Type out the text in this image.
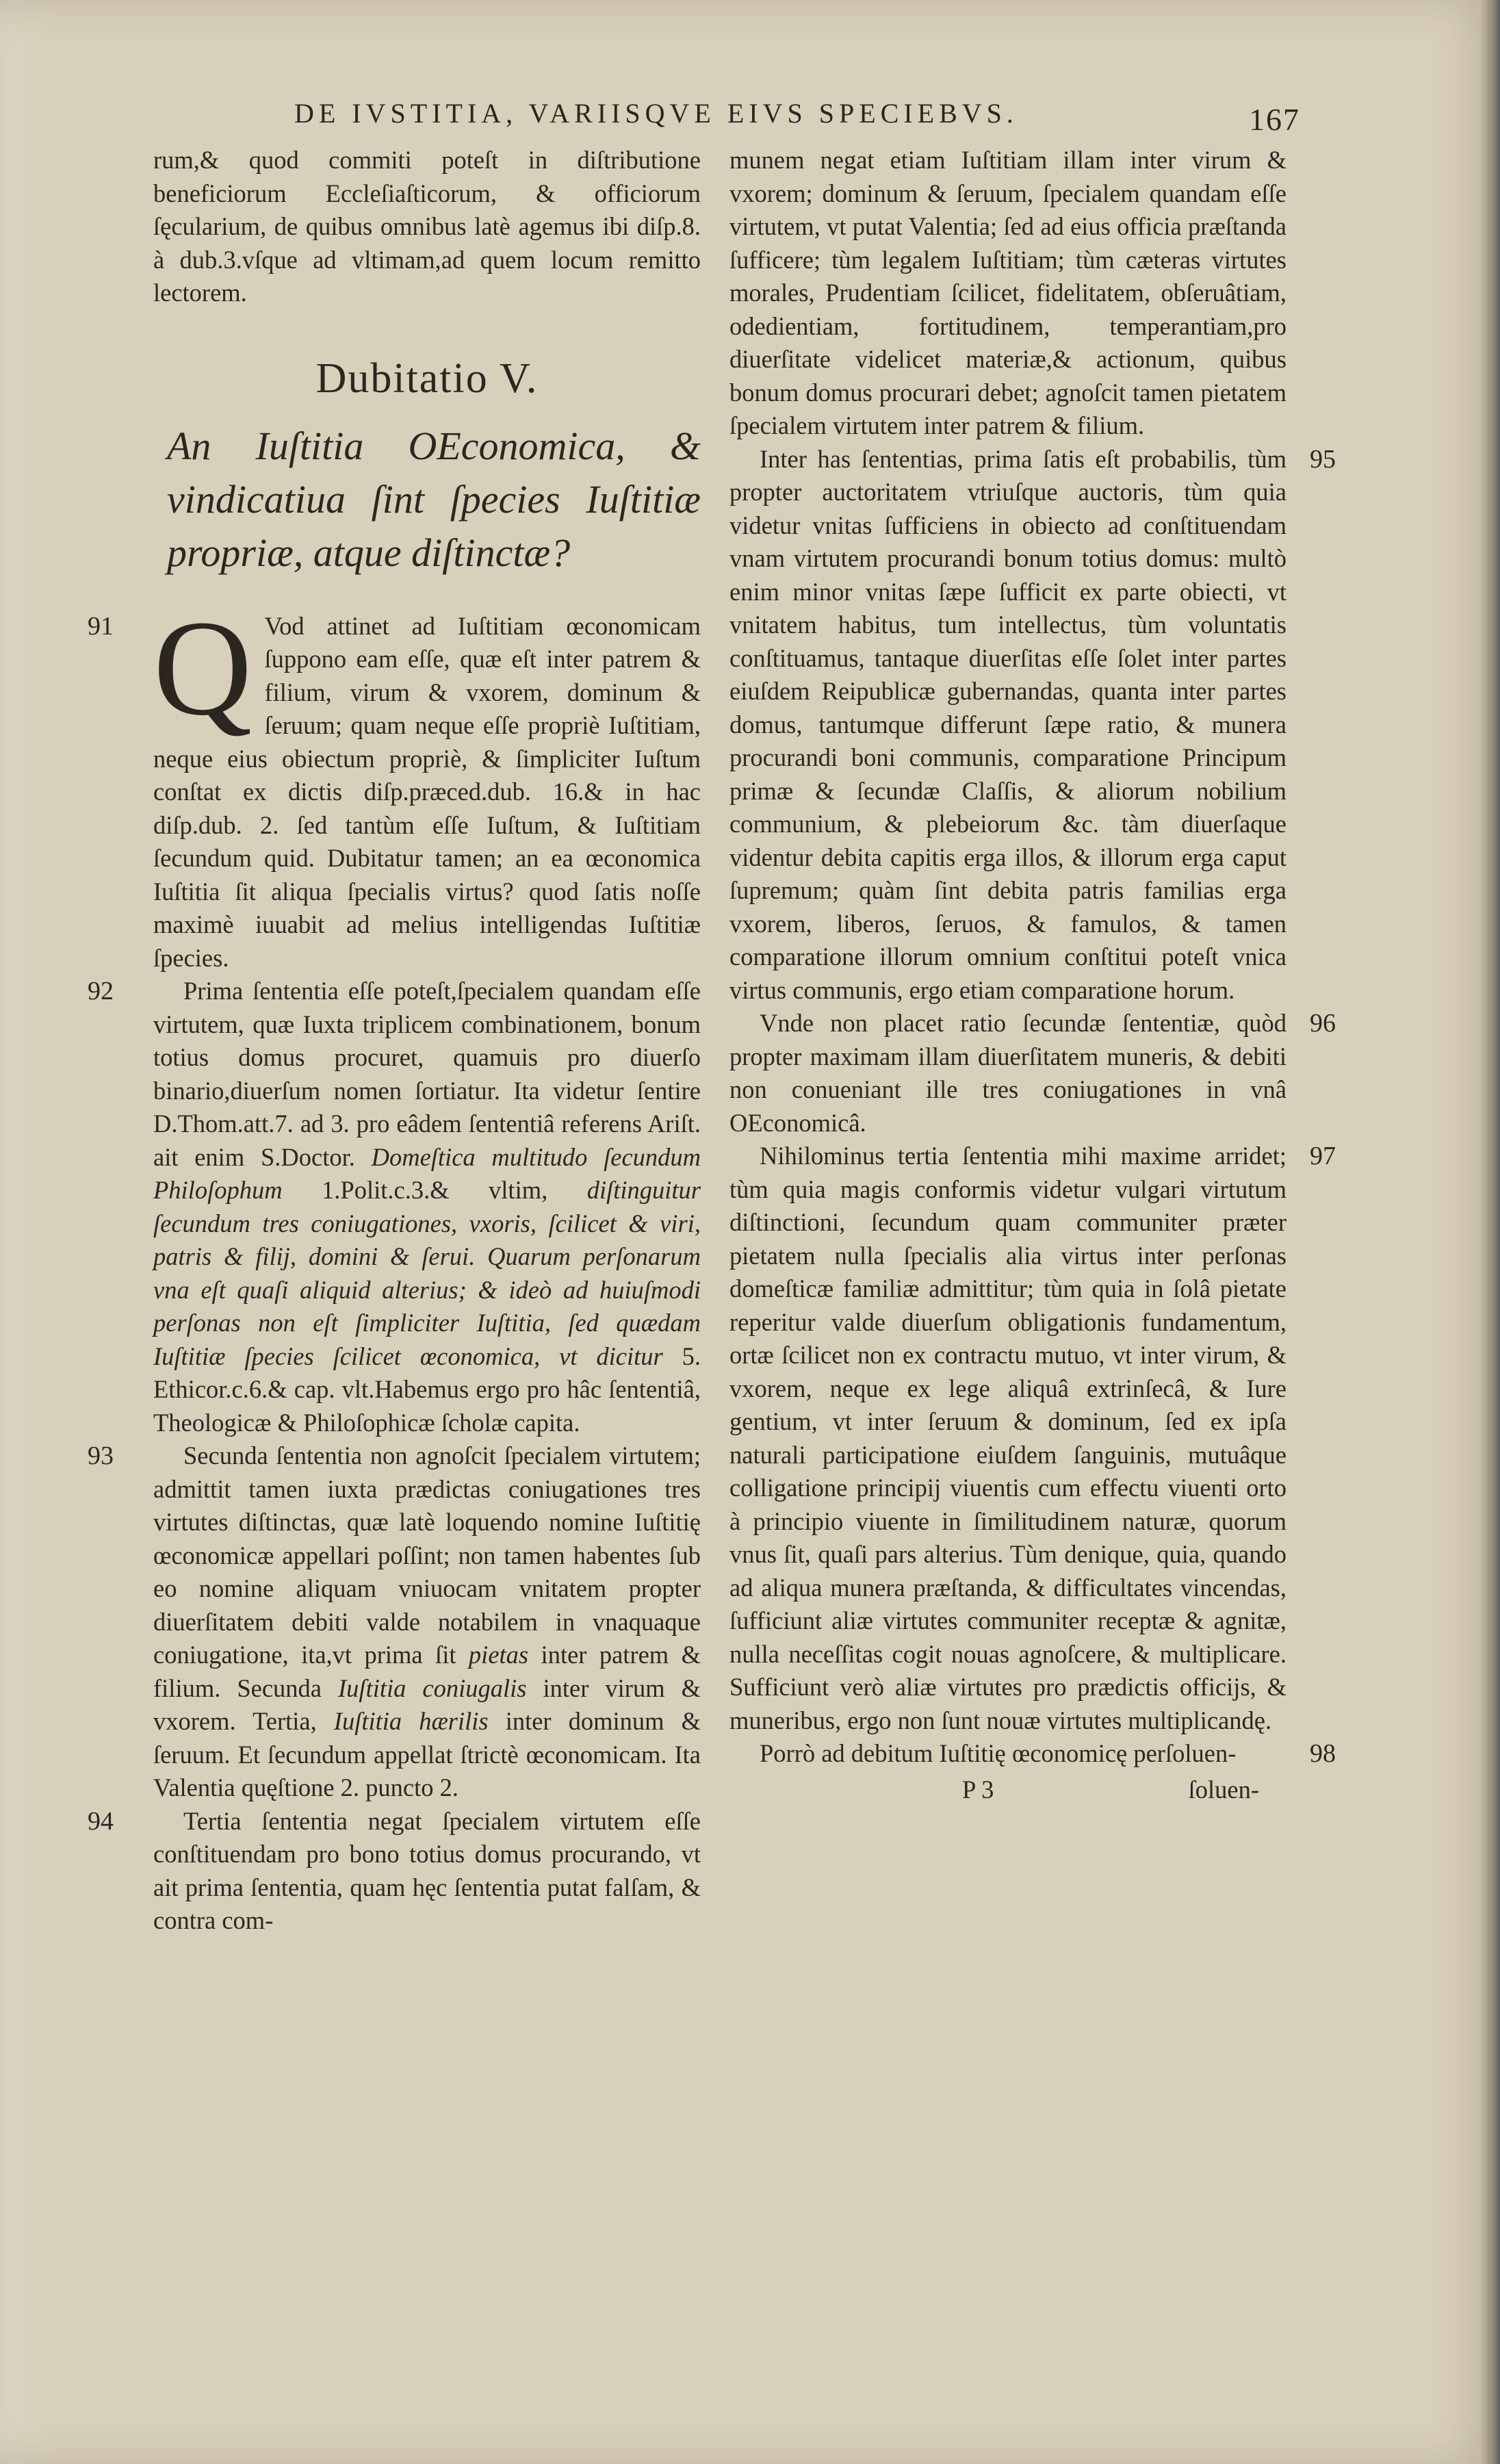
DE IVSTITIA, VARIISQVE EIVS SPECIEBVS.	167

rum,& quod commiti poteſt in diſtributione beneficiorum Eccleſiaſticorum, & officiorum ſęcularium, de quibus omnibus latè agemus ibi diſp.8. à dub.3.vſque ad vltimam,ad quem locum remitto lectorem.

Dubitatio V.
An Iuſtitia OEconomica, & vindicatiua ſint ſpecies Iuſtitiæ propriæ, atque diſtinctæ?
91 Q Vod attinet ad Iuſtitiam œconomicam ſuppono eam eſſe, quæ eſt inter patrem & filium, virum & vxorem, dominum & ſeruum; quam neque eſſe propriè Iuſtitiam, neque eius obiectum propriè, & ſimpliciter Iuſtum conſtat ex dictis diſp.præced.dub. 16.& in hac diſp.dub. 2. ſed tantùm eſſe Iuſtum, & Iuſtitiam ſecundum quid. Dubitatur tamen; an ea œconomica Iuſtitia ſit aliqua ſpecialis virtus? quod ſatis noſſe maximè iuuabit ad melius intelligendas Iuſtitiæ ſpecies.

92	Prima ſententia eſſe poteſt,ſpecialem quandam eſſe virtutem, quæ Iuxta triplicem combinationem, bonum totius domus procuret, quamuis pro diuerſo binario,diuerſum nomen ſortiatur. Ita videtur ſentire D.Thom.att.7. ad 3. pro eâdem ſententiâ referens Ariſt. ait enim S.Doctor. Domeſtica multitudo ſecundum Philoſophum 1.Polit.c.3.& vltim, diſtinguitur ſecundum tres coniugationes, vxoris, ſcilicet & viri, patris & filij, domini & ſerui. Quarum perſonarum vna eſt quaſi aliquid alterius; & ideò ad huiuſmodi perſonas non eſt ſimpliciter Iuſtitia, ſed quædam Iuſtitiæ ſpecies ſcilicet œconomica, vt dicitur 5. Ethicor.c.6.& cap. vlt.Habemus ergo pro hâc ſententiâ, Theologicæ & Philoſophicæ ſcholæ capita.

93	Secunda ſententia non agnoſcit ſpecialem virtutem; admittit tamen iuxta prædictas coniugationes tres virtutes diſtinctas, quæ latè loquendo nomine Iuſtitię œconomicæ appellari poſſint; non tamen habentes ſub eo nomine aliquam vniuocam vnitatem propter diuerſitatem debiti valde notabilem in vnaquaque coniugatione, ita,vt prima ſit pietas inter patrem & filium. Secunda Iuſtitia coniugalis inter virum & vxorem. Tertia, Iuſtitia hærilis inter dominum & ſeruum. Et ſecundum appellat ſtrictè œconomicam. Ita Valentia quęſtione 2. puncto 2.

94	Tertia ſententia negat ſpecialem virtutem eſſe conſtituendam pro bono totius domus procurando, vt ait prima ſententia, quam hęc ſententia putat falſam, & contra com-

munem negat etiam Iuſtitiam illam inter virum & vxorem; dominum & ſeruum, ſpecialem quandam eſſe virtutem, vt putat Valentia; ſed ad eius officia præſtanda ſufficere; tùm legalem Iuſtitiam; tùm cæteras virtutes morales, Prudentiam ſcilicet, fidelitatem, obſeruâtiam, odedientiam, fortitudinem, temperantiam,pro diuerſitate videlicet materiæ,& actionum, quibus bonum domus procurari debet; agnoſcit tamen pietatem ſpecialem virtutem inter patrem & filium.

95

Inter has ſententias, prima ſatis eſt probabilis, tùm propter auctoritatem vtriuſque auctoris, tùm quia videtur vnitas ſufficiens in obiecto ad conſtituendam vnam virtutem procurandi bonum totius domus: multò enim minor vnitas ſæpe ſufficit ex parte obiecti, vt vnitatem habitus, tum intellectus, tùm voluntatis conſtituamus, tantaque diuerſitas eſſe ſolet inter partes eiuſdem Reipublicæ gubernandas, quanta inter partes domus, tantumque differunt ſæpe ratio, & munera procurandi boni communis, comparatione Principum primæ & ſecundæ Claſſis, & aliorum nobilium communium, & plebeiorum &c. tàm diuerſaque videntur debita capitis erga illos, & illorum erga caput ſupremum; quàm ſint debita patris familias erga vxorem, liberos, ſeruos, & famulos, & tamen comparatione illorum omnium conſtitui poteſt vnica virtus communis, ergo etiam comparatione horum.

96

Vnde non placet ratio ſecundæ ſententiæ, quòd propter maximam illam diuerſitatem muneris, & debiti non conueniant ille tres coniugationes in vnâ OEconomicâ.

97

Nihilominus tertia ſententia mihi maxime arridet; tùm quia magis conformis videtur vulgari virtutum diſtinctioni, ſecundum quam communiter præter pietatem nulla ſpecialis alia virtus inter perſonas domeſticæ familiæ admittitur; tùm quia in ſolâ pietate reperitur valde diuerſum obligationis fundamentum, ortæ ſcilicet non ex contractu mutuo, vt inter virum, & vxorem, neque ex lege aliquâ extrinſecâ, & Iure gentium, vt inter ſeruum & dominum, ſed ex ipſa naturali participatione eiuſdem ſanguinis, mutuâque colligatione principij viuentis cum effectu viuenti orto à principio viuente in ſimilitudinem naturæ, quorum vnus ſit, quaſi pars alterius. Tùm denique, quia, quando ad aliqua munera præſtanda, & difficultates vincendas, ſufficiunt aliæ virtutes communiter receptæ & agnitæ, nulla neceſſitas cogit nouas agnoſcere, & multiplicare. Sufficiunt verò aliæ virtutes pro prædictis officijs, & muneribus, ergo non ſunt nouæ virtutes multiplicandę.

98

Porrò ad debitum Iuſtitię œconomicę perſoluen-

P 3	ſoluen-
